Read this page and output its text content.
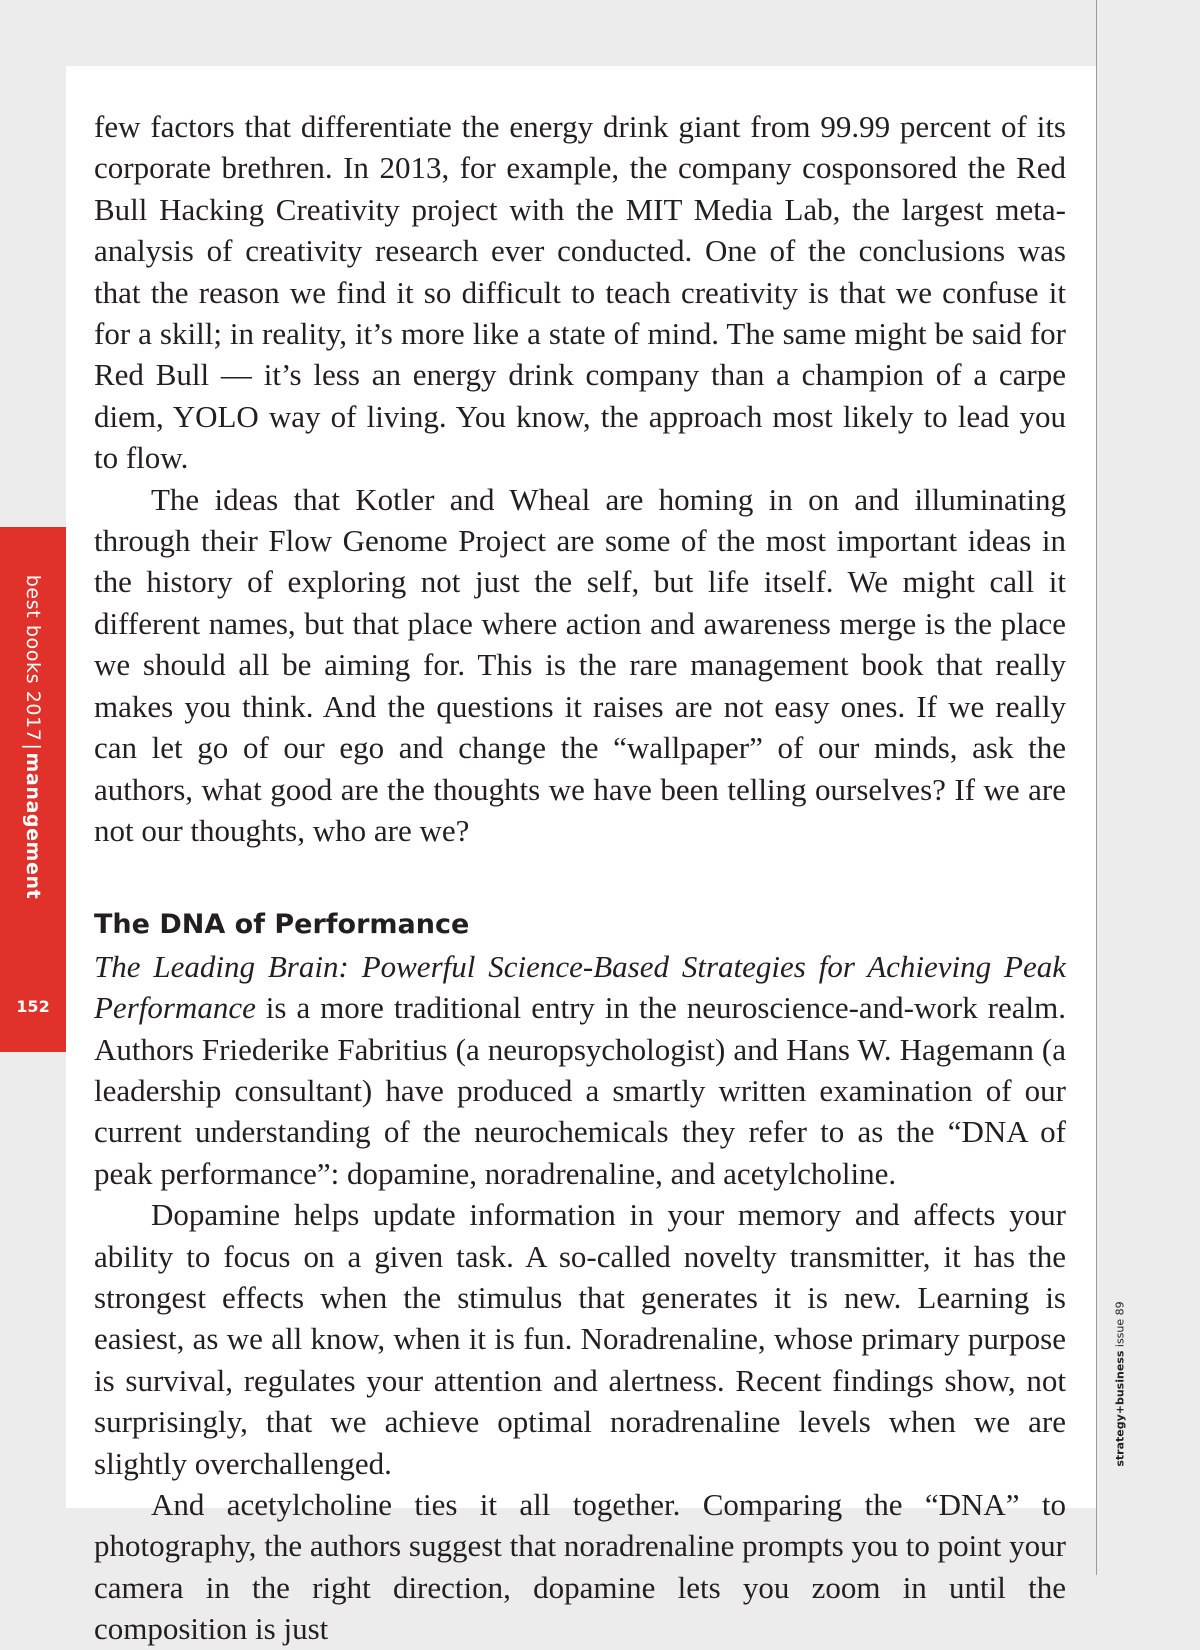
best books 2017|management
152
strategy+business issue 89

few factors that differentiate the energy drink giant from 99.99 percent of its corporate brethren. In 2013, for example, the company cosponsored the Red Bull Hacking Creativity project with the MIT Media Lab, the largest meta-analysis of creativity research ever conducted. One of the conclusions was that the reason we find it so difficult to teach creativity is that we confuse it for a skill; in reality, it’s more like a state of mind. The same might be said for Red Bull — it’s less an energy drink company than a champion of a carpe diem, YOLO way of living. You know, the approach most likely to lead you to flow.

The ideas that Kotler and Wheal are homing in on and illuminating through their Flow Genome Project are some of the most important ideas in the history of exploring not just the self, but life itself. We might call it different names, but that place where action and awareness merge is the place we should all be aiming for. This is the rare management book that really makes you think. And the questions it raises are not easy ones. If we really can let go of our ego and change the “wallpaper” of our minds, ask the authors, what good are the thoughts we have been telling ourselves? If we are not our thoughts, who are we?

The DNA of Performance

The Leading Brain: Powerful Science-Based Strategies for Achieving Peak Performance is a more traditional entry in the neuroscience-and-work realm. Authors Friederike Fabritius (a neuropsychologist) and Hans W. Hagemann (a leadership consultant) have produced a smartly written examination of our current understanding of the neurochemicals they refer to as the “DNA of peak performance”: dopamine, noradrenaline, and acetylcholine.

Dopamine helps update information in your memory and affects your ability to focus on a given task. A so-called novelty transmitter, it has the strongest effects when the stimulus that generates it is new. Learning is easiest, as we all know, when it is fun. Noradrenaline, whose primary purpose is survival, regulates your attention and alertness. Recent findings show, not surprisingly, that we achieve optimal noradrenaline levels when we are slightly overchallenged.

And acetylcholine ties it all together. Comparing the “DNA” to photography, the authors suggest that noradrenaline prompts you to point your camera in the right direction, dopamine lets you zoom in until the composition is just
